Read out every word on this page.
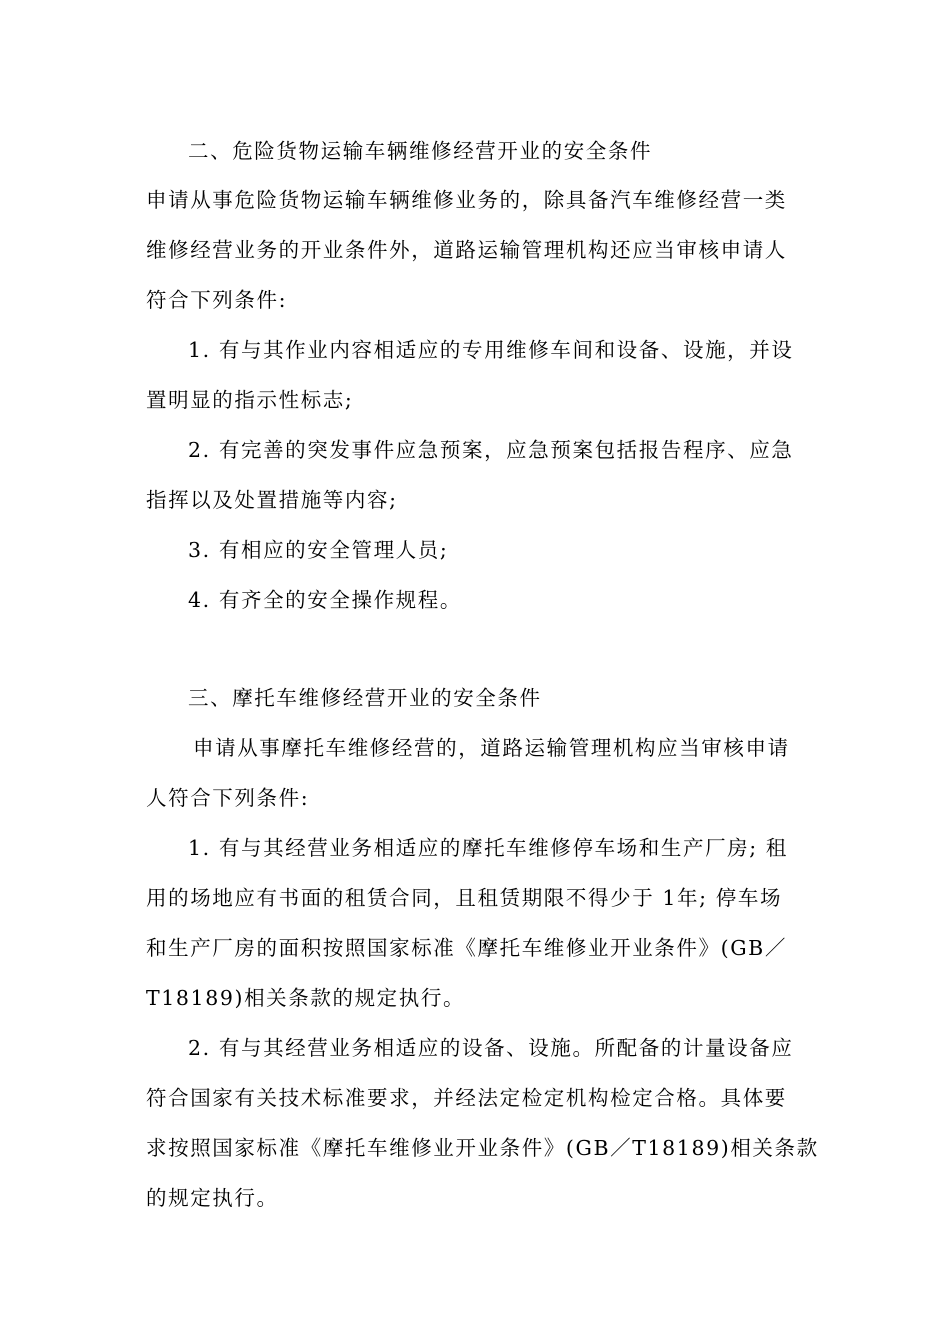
二、危险货物运输车辆维修经营开业的安全条件
申请从事危险货物运输车辆维修业务的，除具备汽车维修经营一类
维修经营业务的开业条件外，道路运输管理机构还应当审核申请人
符合下列条件:
1. 有与其作业内容相适应的专用维修车间和设备、设施，并设
置明显的指示性标志;
2. 有完善的突发事件应急预案，应急预案包括报告程序、应急
指挥以及处置措施等内容;
3. 有相应的安全管理人员;
4. 有齐全的安全操作规程。
三、摩托车维修经营开业的安全条件
申请从事摩托车维修经营的，道路运输管理机构应当审核申请
人符合下列条件:
1. 有与其经营业务相适应的摩托车维修停车场和生产厂房; 租
用的场地应有书面的租赁合同，且租赁期限不得少于 1年; 停车场
和生产厂房的面积按照国家标准《摩托车维修业开业条件》(GB／
T18189)相关条款的规定执行。
2. 有与其经营业务相适应的设备、设施。所配备的计量设备应
符合国家有关技术标准要求，并经法定检定机构检定合格。具体要
求按照国家标准《摩托车维修业开业条件》(GB／T18189)相关条款
的规定执行。
